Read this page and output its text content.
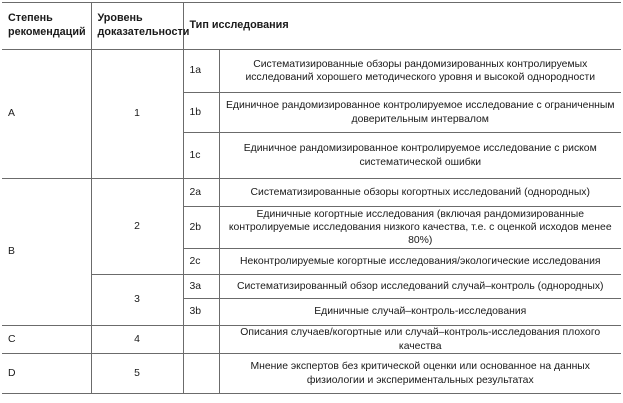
Степень рекомендаций	Уровень доказательности	Тип исследования	
A	1	1a	Систематизированные обзоры рандомизированных контролируемых исследований хорошего методического уровня и высокой однородности
		1b	Единичное рандомизированное контролируемое исследование с ограниченным доверительным интервалом
		1c	Единичное рандомизированное контролируемое исследование с риском систематической ошибки
B	2	2a	Систематизированные обзоры когортных исследований (однородных)
		2b	Единичные когортные исследования (включая рандомизированные контролируемые исследования низкого качества, т.е. с оценкой исходов менее 80%)
		2c	Неконтролируемые когортные исследования/экологические исследования
	3	3a	Систематизированный обзор исследований случай–контроль (однородных)
		3b	Единичные случай–контроль-исследования
C	4		Описания случаев/когортные или случай–контроль-исследования плохого качества
D	5		Мнение экспертов без критической оценки или основанное на данных физиологии и экспериментальных результатах
